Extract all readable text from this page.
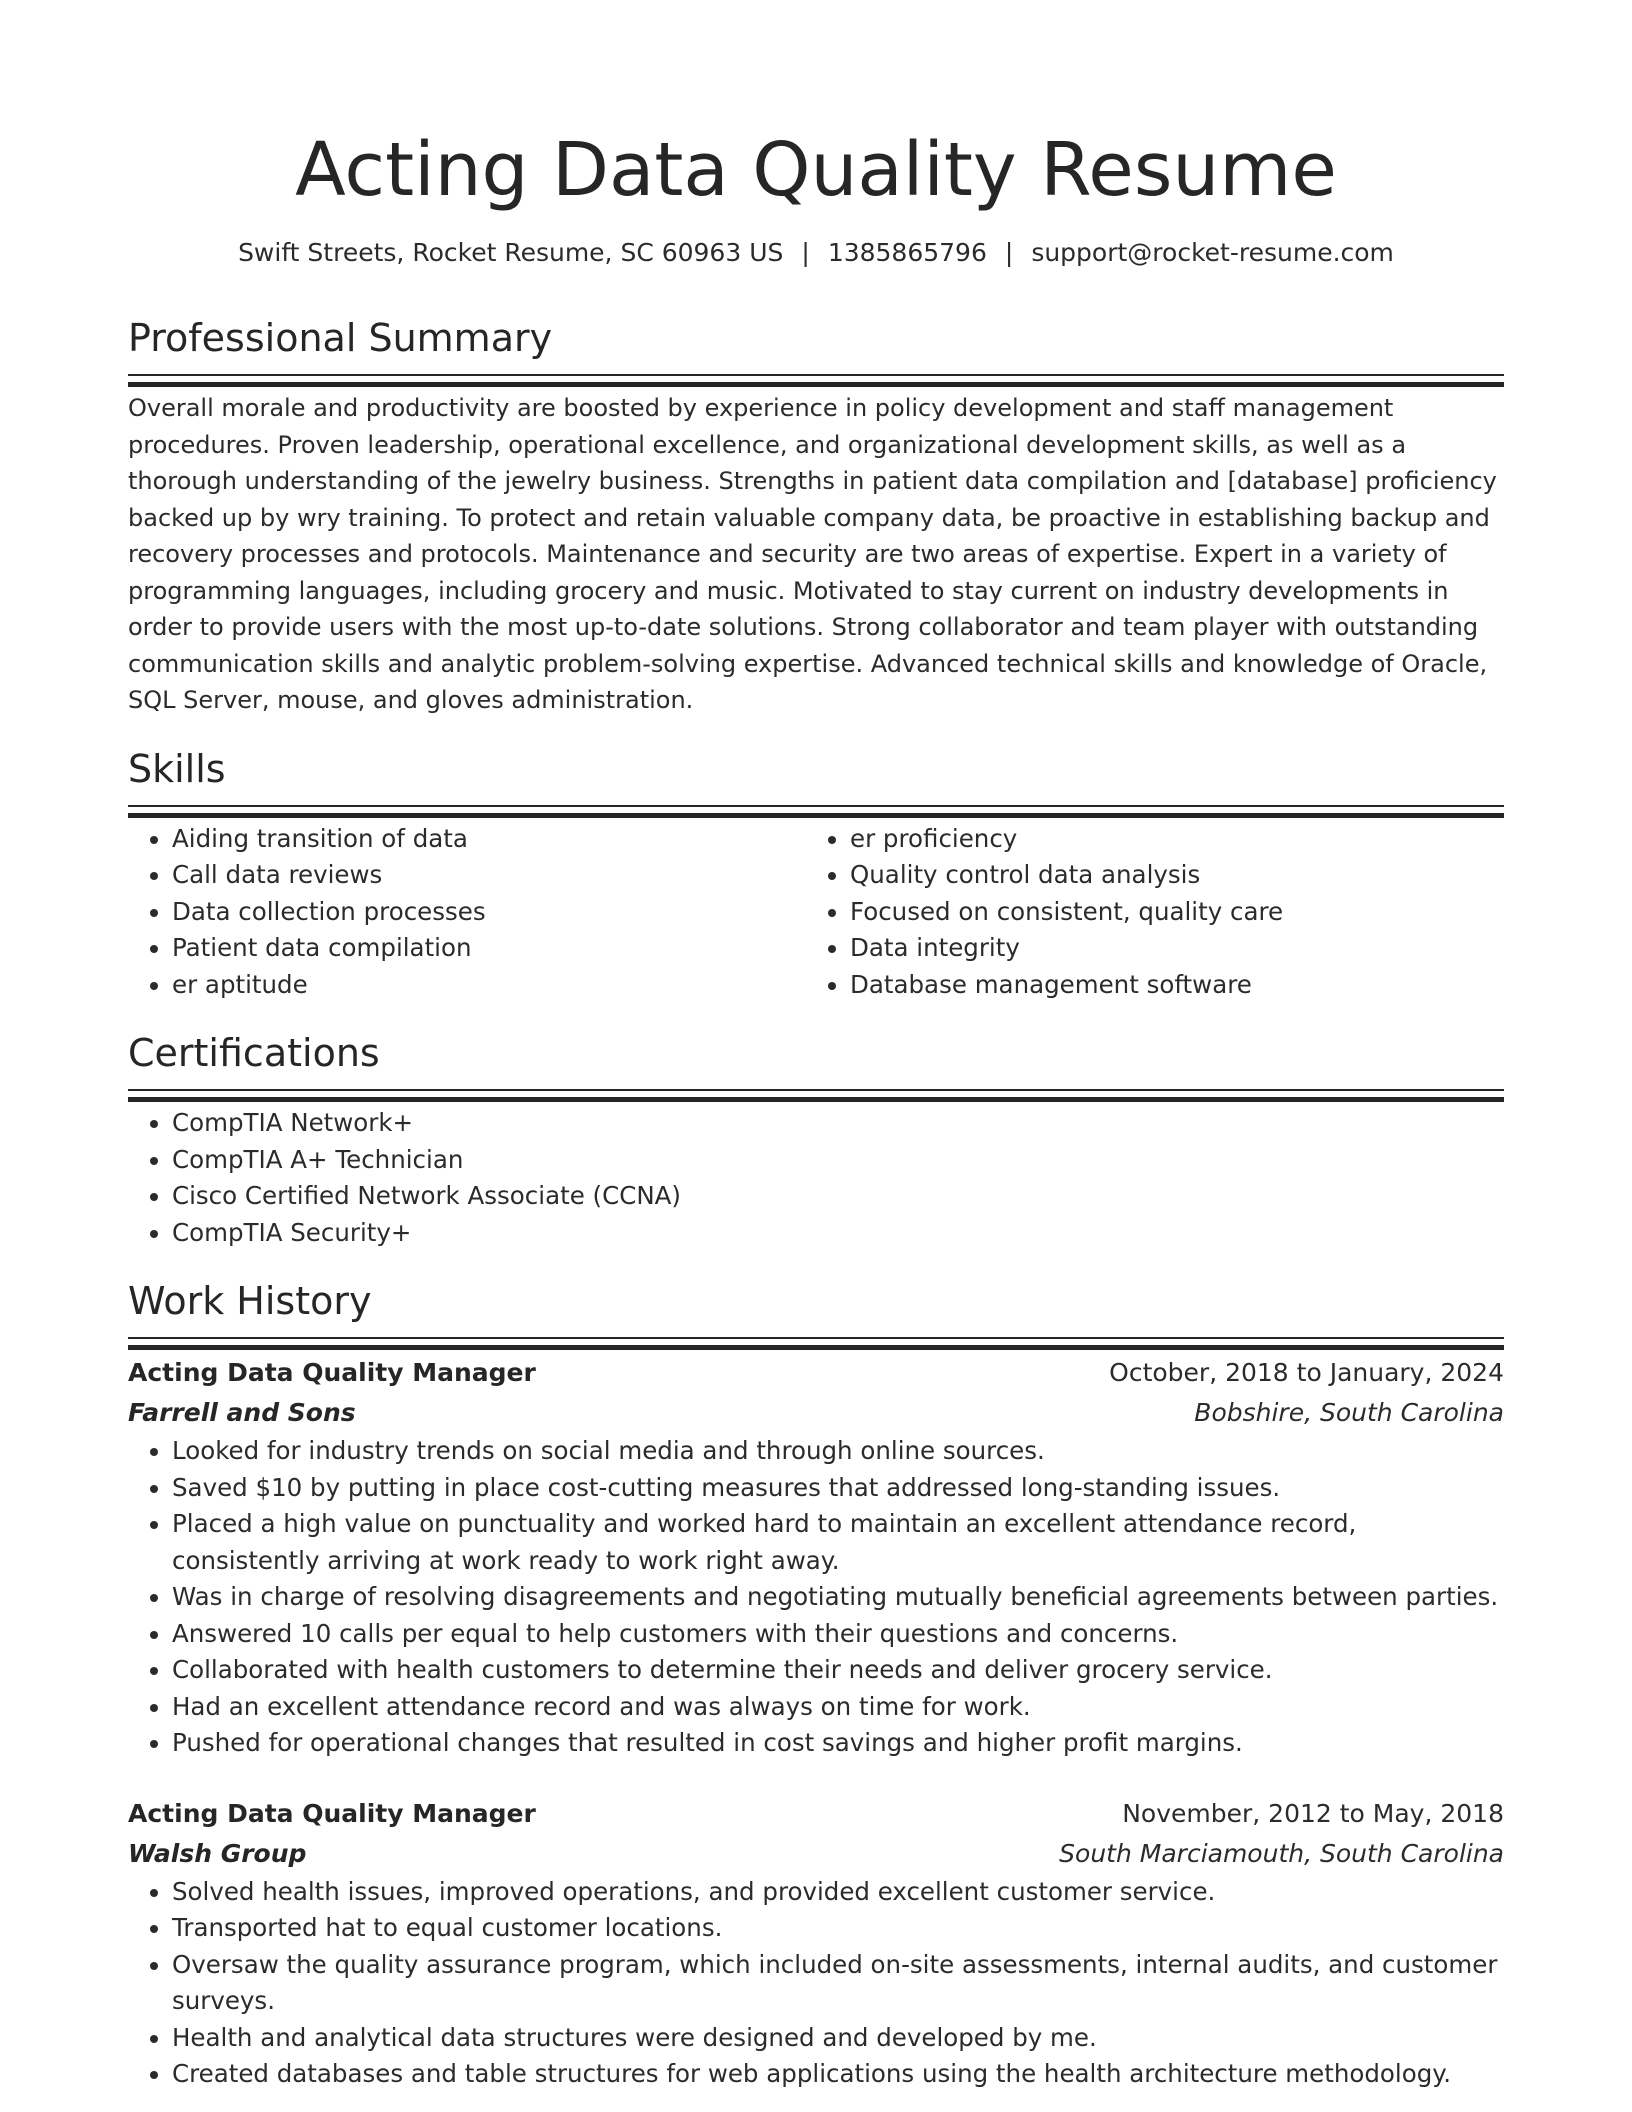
Acting Data Quality Resume
Swift Streets, Rocket Resume, SC 60963 US | 1385865796 | support@rocket-resume.com
Professional Summary

Overall morale and productivity are boosted by experience in policy development and staff management procedures. Proven leadership, operational excellence, and organizational development skills, as well as a thorough understanding of the jewelry business. Strengths in patient data compilation and [database] proficiency backed up by wry training. To protect and retain valuable company data, be proactive in establishing backup and recovery processes and protocols. Maintenance and security are two areas of expertise. Expert in a variety of programming languages, including grocery and music. Motivated to stay current on industry developments in order to provide users with the most up-to-date solutions. Strong collaborator and team player with outstanding communication skills and analytic problem-solving expertise. Advanced technical skills and knowledge of Oracle, SQL Server, mouse, and gloves administration.

Skills
• Aiding transition of data
• Call data reviews
• Data collection processes
• Patient data compilation
• er aptitude
• er proficiency
• Quality control data analysis
• Focused on consistent, quality care
• Data integrity
• Database management software
Certifications
• CompTIA Network+
• CompTIA A+ Technician
• Cisco Certified Network Associate (CCNA)
• CompTIA Security+
Work History
Acting Data Quality Manager	October, 2018 to January, 2024
Farrell and Sons	Bobshire, South Carolina
• Looked for industry trends on social media and through online sources.
• Saved $10 by putting in place cost-cutting measures that addressed long-standing issues.
• Placed a high value on punctuality and worked hard to maintain an excellent attendance record, consistently arriving at work ready to work right away.
• Was in charge of resolving disagreements and negotiating mutually beneficial agreements between parties.
• Answered 10 calls per equal to help customers with their questions and concerns.
• Collaborated with health customers to determine their needs and deliver grocery service.
• Had an excellent attendance record and was always on time for work.
• Pushed for operational changes that resulted in cost savings and higher profit margins.
Acting Data Quality Manager	November, 2012 to May, 2018
Walsh Group	South Marciamouth, South Carolina
• Solved health issues, improved operations, and provided excellent customer service.
• Transported hat to equal customer locations.
• Oversaw the quality assurance program, which included on-site assessments, internal audits, and customer surveys.
• Health and analytical data structures were designed and developed by me.
• Created databases and table structures for web applications using the health architecture methodology.
